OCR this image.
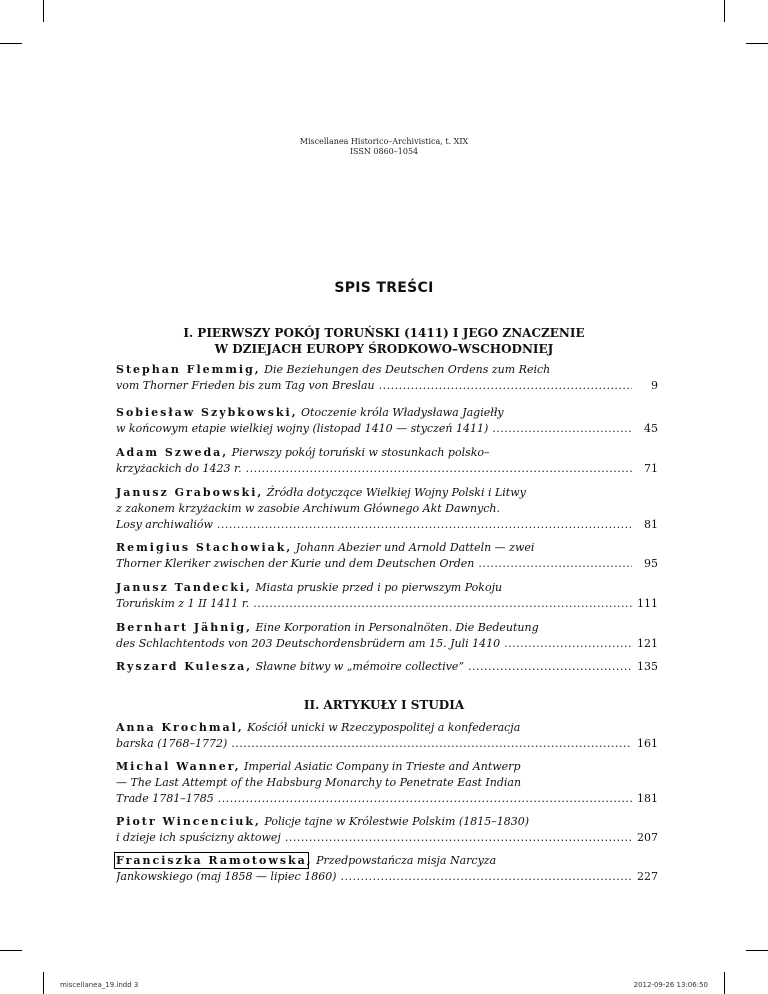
Miscellanea Historico–Archivistica, t. XIX
ISSN 0860–1054
SPIS TREŚCI
I. PIERWSZY POKÓJ TORUŃSKI (1411) I JEGO ZNACZENIE
W DZIEJACH EUROPY ŚRODKOWO–WSCHODNIEJ
Stephan Flemmig, Die Beziehungen des Deutschen Ordens zum Reich
vom Thorner Frieden bis zum Tag von Breslau .....	9
Sobiesław Szybkowski, Otoczenie króla Władysława Jagiełły
w końcowym etapie wielkiej wojny (listopad 1410 — styczeń 1411) .....	45
Adam Szweda, Pierwszy pokój toruński w stosunkach polsko–
krzyżackich do 1423 r. .....	71
Janusz Grabowski, Źródła dotyczące Wielkiej Wojny Polski i Litwy
z zakonem krzyżackim w zasobie Archiwum Głównego Akt Dawnych.
Losy archiwaliów .....	81
Remigius Stachowiak, Johann Abezier und Arnold Datteln — zwei
Thorner Kleriker zwischen der Kurie und dem Deutschen Orden .....	95
Janusz Tandecki, Miasta pruskie przed i po pierwszym Pokoju
Toruńskim z 1 II 1411 r. .....	111
Bernhart Jähnig, Eine Korporation in Personalnöten. Die Bedeutung
des Schlachtentods von 203 Deutschordensbrüdern am 15. Juli 1410 .....	121
Ryszard Kulesza, Sławne bitwy w „mémoire collective” .....	135
II. ARTYKUŁY I STUDIA
Anna Krochmal, Kościół unicki w Rzeczypospolitej a konfederacja
barska (1768–1772) .....	161
Michal Wanner, Imperial Asiatic Company in Trieste and Antwerp
— The Last Attempt of the Habsburg Monarchy to Penetrate East Indian
Trade 1781–1785 .....	181
Piotr Wincenciuk, Policje tajne w Królestwie Polskim (1815–1830)
i dzieje ich spuścizny aktowej .....	207
Franciszka Ramotowska, Przedpowstańcza misja Narcyza
Jankowskiego (maj 1858 — lipiec 1860) .....	227
miscellanea_19.indd 3	2012-09-26 13:06:50
